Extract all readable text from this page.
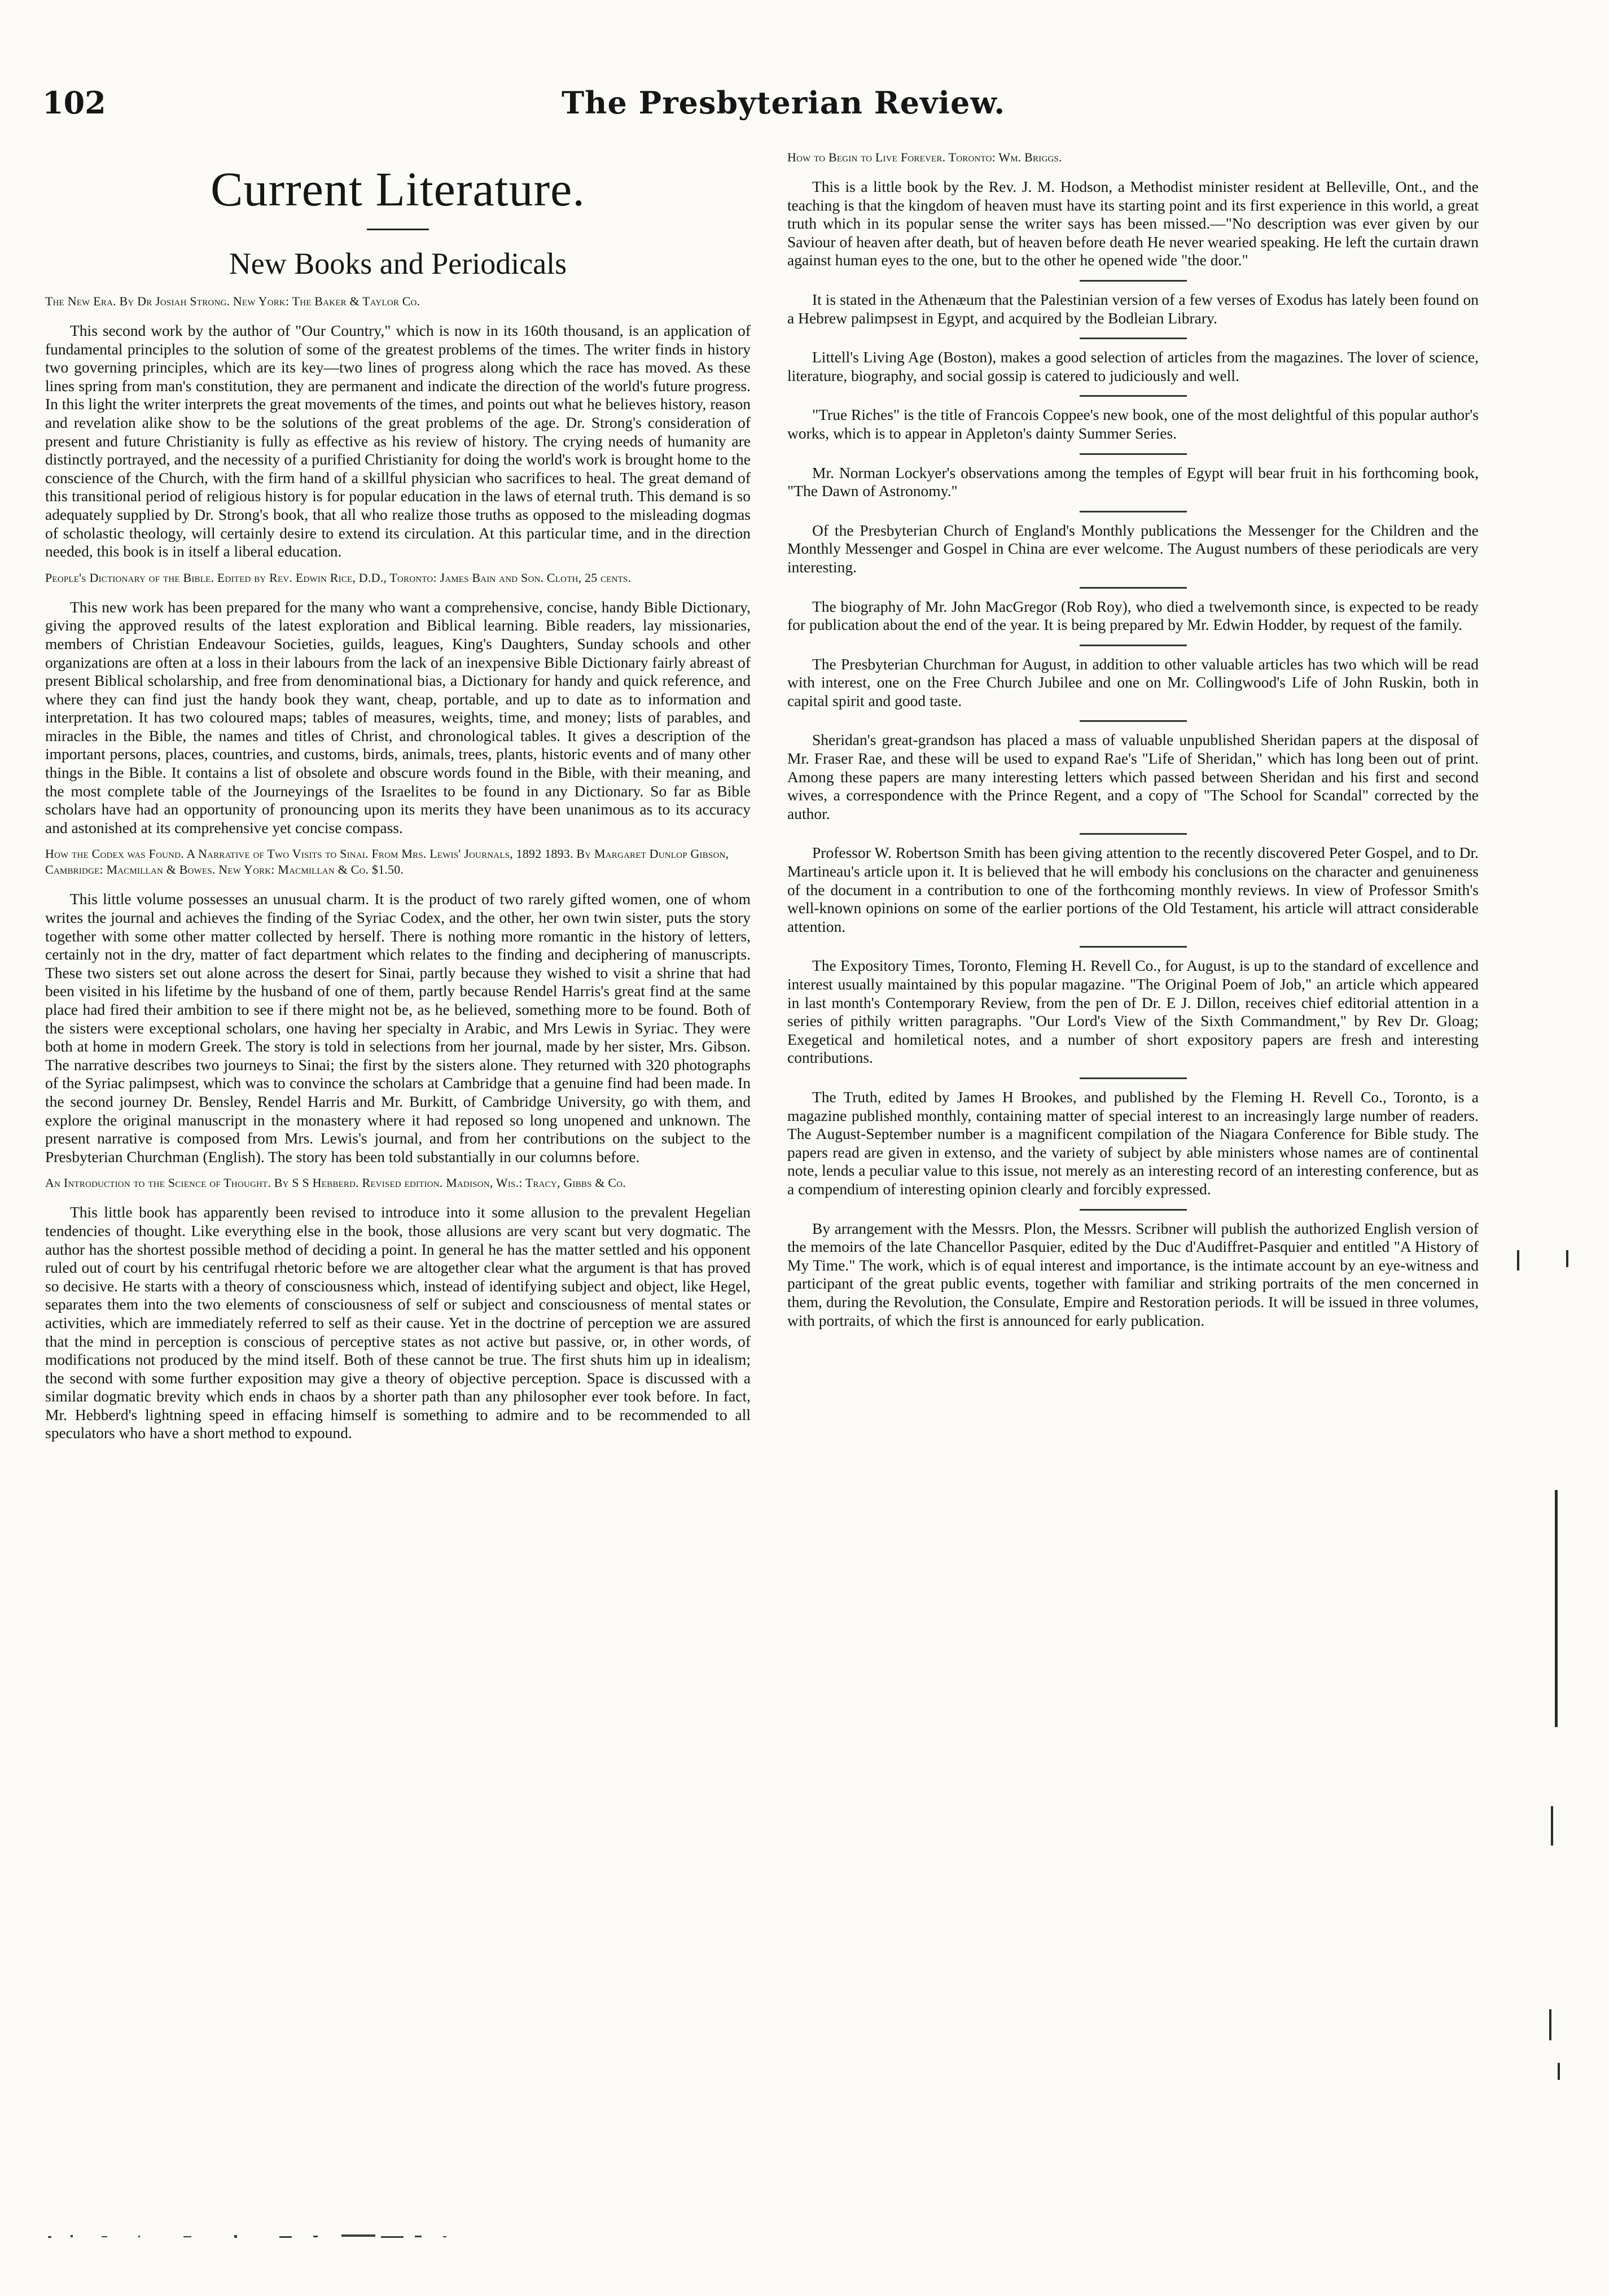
102	The Presbyterian Review.
Current Literature.
New Books and Periodicals
The New Era. By Dr Josiah Strong. New York: The Baker & Taylor Co.

This second work by the author of "Our Country," which is now in its 160th thousand, is an application of fundamental principles to the solution of some of the greatest problems of the times. The writer finds in history two governing principles, which are its key—two lines of progress along which the race has moved. As these lines spring from man's constitution, they are permanent and indicate the direction of the world's future progress. In this light the writer interprets the great movements of the times, and points out what he believes history, reason and revelation alike show to be the solutions of the great problems of the age. Dr. Strong's consideration of present and future Christianity is fully as effective as his review of history. The crying needs of humanity are distinctly portrayed, and the necessity of a purified Christianity for doing the world's work is brought home to the conscience of the Church, with the firm hand of a skillful physician who sacrifices to heal. The great demand of this transitional period of religious history is for popular education in the laws of eternal truth. This demand is so adequately supplied by Dr. Strong's book, that all who realize those truths as opposed to the misleading dogmas of scholastic theology, will certainly desire to extend its circulation. At this particular time, and in the direction needed, this book is in itself a liberal education.

People's Dictionary of the Bible. Edited by Rev. Edwin Rice, D.D., Toronto: James Bain and Son. Cloth, 25 cents.

This new work has been prepared for the many who want a comprehensive, concise, handy Bible Dictionary, giving the approved results of the latest exploration and Biblical learning. Bible readers, lay missionaries, members of Christian Endeavour Societies, guilds, leagues, King's Daughters, Sunday schools and other organizations are often at a loss in their labours from the lack of an inexpensive Bible Dictionary fairly abreast of present Biblical scholarship, and free from denominational bias, a Dictionary for handy and quick reference, and where they can find just the handy book they want, cheap, portable, and up to date as to information and interpretation. It has two coloured maps; tables of measures, weights, time, and money; lists of parables, and miracles in the Bible, the names and titles of Christ, and chronological tables. It gives a description of the important persons, places, countries, and customs, birds, animals, trees, plants, historic events and of many other things in the Bible. It contains a list of obsolete and obscure words found in the Bible, with their meaning, and the most complete table of the Journeyings of the Israelites to be found in any Dictionary. So far as Bible scholars have had an opportunity of pronouncing upon its merits they have been unanimous as to its accuracy and astonished at its comprehensive yet concise compass.

How the Codex was Found. A Narrative of Two Visits to Sinai. From Mrs. Lewis' Journals, 1892 1893. By Margaret Dunlop Gibson, Cambridge: Macmillan & Bowes. New York: Macmillan & Co. $1.50.

This little volume possesses an unusual charm. It is the product of two rarely gifted women, one of whom writes the journal and achieves the finding of the Syriac Codex, and the other, her own twin sister, puts the story together with some other matter collected by herself. There is nothing more romantic in the history of letters, certainly not in the dry, matter of fact department which relates to the finding and deciphering of manuscripts. These two sisters set out alone across the desert for Sinai, partly because they wished to visit a shrine that had been visited in his lifetime by the husband of one of them, partly because Rendel Harris's great find at the same place had fired their ambition to see if there might not be, as he believed, something more to be found. Both of the sisters were exceptional scholars, one having her specialty in Arabic, and Mrs Lewis in Syriac. They were both at home in modern Greek. The story is told in selections from her journal, made by her sister, Mrs. Gibson. The narrative describes two journeys to Sinai; the first by the sisters alone. They returned with 320 photographs of the Syriac palimpsest, which was to convince the scholars at Cambridge that a genuine find had been made. In the second journey Dr. Bensley, Rendel Harris and Mr. Burkitt, of Cambridge University, go with them, and explore the original manuscript in the monastery where it had reposed so long unopened and unknown. The present narrative is composed from Mrs. Lewis's journal, and from her contributions on the subject to the Presbyterian Churchman (English). The story has been told substantially in our columns before.

An Introduction to the Science of Thought. By S S Hebberd. Revised edition. Madison, Wis.: Tracy, Gibbs & Co.

This little book has apparently been revised to introduce into it some allusion to the prevalent Hegelian tendencies of thought. Like everything else in the book, those allusions are very scant but very dogmatic. The author has the shortest possible method of deciding a point. In general he has the matter settled and his opponent ruled out of court by his centrifugal rhetoric before we are altogether clear what the argument is that has proved so decisive. He starts with a theory of consciousness which, instead of identifying subject and object, like Hegel, separates them into the two elements of consciousness of self or subject and consciousness of mental states or activities, which are immediately referred to self as their cause. Yet in the doctrine of perception we are assured that the mind in perception is conscious of perceptive states as not active but passive, or, in other words, of modifications not produced by the mind itself. Both of these cannot be true. The first shuts him up in idealism; the second with some further exposition may give a theory of objective perception. Space is discussed with a similar dogmatic brevity which ends in chaos by a shorter path than any philosopher ever took before. In fact, Mr. Hebberd's lightning speed in effacing himself is something to admire and to be recommended to all speculators who have a short method to expound.

How to Begin to Live Forever. Toronto: Wm. Briggs.

This is a little book by the Rev. J. M. Hodson, a Methodist minister resident at Belleville, Ont., and the teaching is that the kingdom of heaven must have its starting point and its first experience in this world, a great truth which in its popular sense the writer says has been missed.—"No description was ever given by our Saviour of heaven after death, but of heaven before death He never wearied speaking. He left the curtain drawn against human eyes to the one, but to the other he opened wide "the door."

It is stated in the Athenæum that the Palestinian version of a few verses of Exodus has lately been found on a Hebrew palimpsest in Egypt, and acquired by the Bodleian Library.

Littell's Living Age (Boston), makes a good selection of articles from the magazines. The lover of science, literature, biography, and social gossip is catered to judiciously and well.

"True Riches" is the title of Francois Coppee's new book, one of the most delightful of this popular author's works, which is to appear in Appleton's dainty Summer Series.

Mr. Norman Lockyer's observations among the temples of Egypt will bear fruit in his forthcoming book, "The Dawn of Astronomy."

Of the Presbyterian Church of England's Monthly publications the Messenger for the Children and the Monthly Messenger and Gospel in China are ever welcome. The August numbers of these periodicals are very interesting.

The biography of Mr. John MacGregor (Rob Roy), who died a twelvemonth since, is expected to be ready for publication about the end of the year. It is being prepared by Mr. Edwin Hodder, by request of the family.

The Presbyterian Churchman for August, in addition to other valuable articles has two which will be read with interest, one on the Free Church Jubilee and one on Mr. Collingwood's Life of John Ruskin, both in capital spirit and good taste.

Sheridan's great-grandson has placed a mass of valuable unpublished Sheridan papers at the disposal of Mr. Fraser Rae, and these will be used to expand Rae's "Life of Sheridan," which has long been out of print. Among these papers are many interesting letters which passed between Sheridan and his first and second wives, a correspondence with the Prince Regent, and a copy of "The School for Scandal" corrected by the author.

Professor W. Robertson Smith has been giving attention to the recently discovered Peter Gospel, and to Dr. Martineau's article upon it. It is believed that he will embody his conclusions on the character and genuineness of the document in a contribution to one of the forthcoming monthly reviews. In view of Professor Smith's well-known opinions on some of the earlier portions of the Old Testament, his article will attract considerable attention.

The Expository Times, Toronto, Fleming H. Revell Co., for August, is up to the standard of excellence and interest usually maintained by this popular magazine. "The Original Poem of Job," an article which appeared in last month's Contemporary Review, from the pen of Dr. E J. Dillon, receives chief editorial attention in a series of pithily written paragraphs. "Our Lord's View of the Sixth Commandment," by Rev Dr. Gloag; Exegetical and homiletical notes, and a number of short expository papers are fresh and interesting contributions.

The Truth, edited by James H Brookes, and published by the Fleming H. Revell Co., Toronto, is a magazine published monthly, containing matter of special interest to an increasingly large number of readers. The August-September number is a magnificent compilation of the Niagara Conference for Bible study. The papers read are given in extenso, and the variety of subject by able ministers whose names are of continental note, lends a peculiar value to this issue, not merely as an interesting record of an interesting conference, but as a compendium of interesting opinion clearly and forcibly expressed.

By arrangement with the Messrs. Plon, the Messrs. Scribner will publish the authorized English version of the memoirs of the late Chancellor Pasquier, edited by the Duc d'Audiffret-Pasquier and entitled "A History of My Time." The work, which is of equal interest and importance, is the intimate account by an eye-witness and participant of the great public events, together with familiar and striking portraits of the men concerned in them, during the Revolution, the Consulate, Empire and Restoration periods. It will be issued in three volumes, with portraits, of which the first is announced for early publication.
